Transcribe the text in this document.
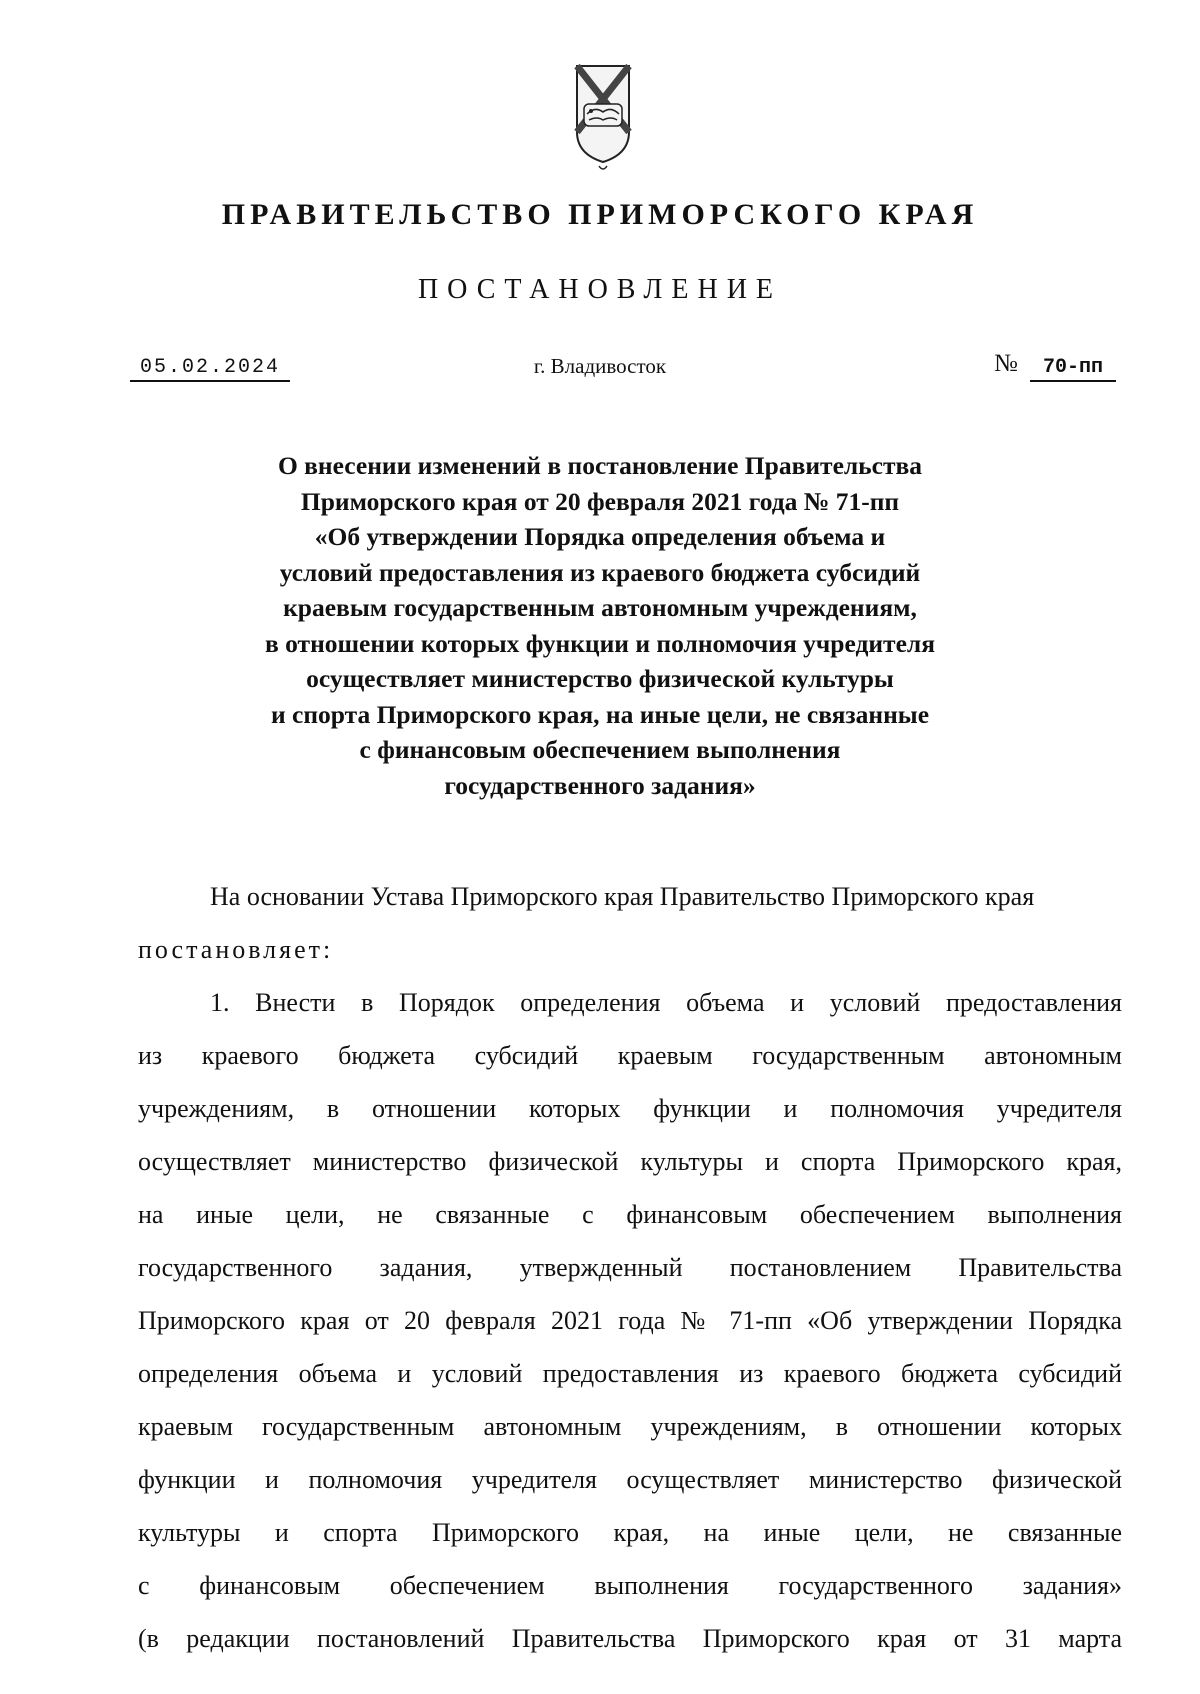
ПРАВИТЕЛЬСТВО ПРИМОРСКОГО КРАЯ
ПОСТАНОВЛЕНИЕ
05.02.2024	г. Владивосток	№	70-пп
О внесении изменений в постановление Правительства
Приморского края от 20 февраля 2021 года № 71-пп
«Об утверждении Порядка определения объема и
условий предоставления из краевого бюджета субсидий
краевым государственным автономным учреждениям,
в отношении которых функции и полномочия учредителя
осуществляет министерство физической культуры
и спорта Приморского края, на иные цели, не связанные
с финансовым обеспечением выполнения
государственного задания»
На основании Устава Приморского края Правительство Приморского края
постановляет:
1. Внести в Порядок определения объема и условий предоставления
из краевого бюджета субсидий краевым государственным автономным
учреждениям, в отношении которых функции и полномочия учредителя
осуществляет министерство физической культуры и спорта Приморского края,
на иные цели, не связанные с финансовым обеспечением выполнения
государственного задания, утвержденный постановлением Правительства
Приморского края от 20 февраля 2021 года № 71-пп «Об утверждении Порядка
определения объема и условий предоставления из краевого бюджета субсидий
краевым государственным автономным учреждениям, в отношении которых
функции и полномочия учредителя осуществляет министерство физической
культуры и спорта Приморского края, на иные цели, не связанные
с финансовым обеспечением выполнения государственного задания»
(в редакции постановлений Правительства Приморского края от 31 марта
